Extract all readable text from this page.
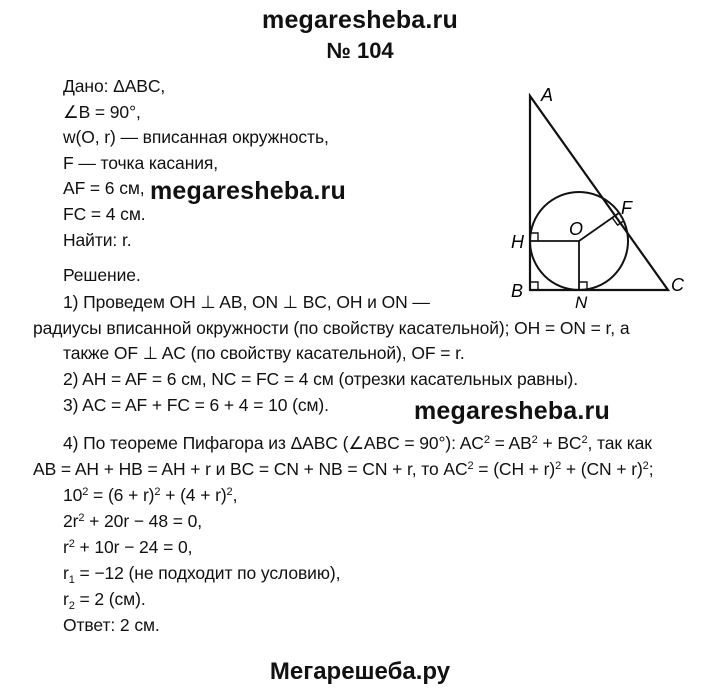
megaresheba.ru
№ 104
Дано: ΔABC,
∠B = 90°,
w(O, r) — вписанная окружность,
F — точка касания,
AF = 6 см, megaresheba.ru
FC = 4 см.
Найти: r.
Решение.
1) Проведем OH ⊥ AB, ON ⊥ BC, OH и ON —
радиусы вписанной окружности (по свойству касательной); OH = ON = r, а
также OF ⊥ AC (по свойству касательной), OF = r.
2) AH = AF = 6 см, NC = FC = 4 см (отрезки касательных равны).
3) AC = AF + FC = 6 + 4 = 10 (см).	megaresheba.ru
4) По теореме Пифагора из ΔABC (∠ABC = 90°): $AC^2 = AB^2 + BC^2$, так как
AB = AH + HB = AH + r и BC = CN + NB = CN + r, то $AC^2 = (CH + r)^2 + (CN + r)^2$;
$10^2 = (6 + r)^2 + (4 + r)^2$,
$2r^2 + 20r - 48 = 0$,
$r^2 + 10r - 24 = 0$,
$r_1 = -12$ (не подходит по условию),
$r_2 = 2$ (см).
Ответ: 2 см.
A
B	C
O
F
H
N
Мегарешеба.ру
